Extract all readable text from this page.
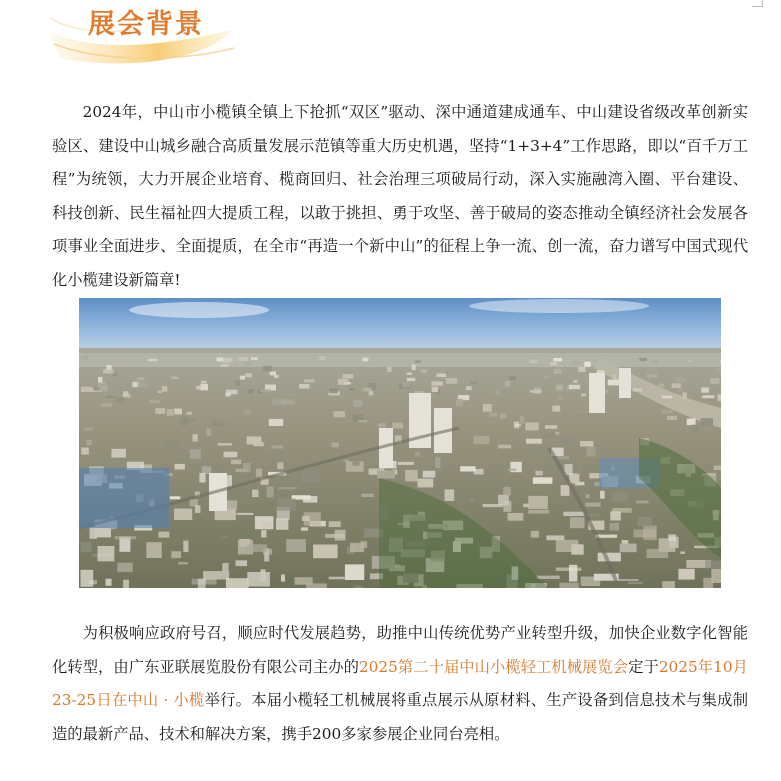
展会背景

2024年，中山市小榄镇全镇上下抢抓“双区”驱动、深中通道建成通车、中山建设省级改革创新实验区、建设中山城乡融合高质量发展示范镇等重大历史机遇，坚持“1+3+4”工作思路，即以“百千万工程”为统领，大力开展企业培育、榄商回归、社会治理三项破局行动，深入实施融湾入圈、平台建设、科技创新、民生福祉四大提质工程，以敢于挑担、勇于攻坚、善于破局的姿态推动全镇经济社会发展各项事业全面进步、全面提质，在全市“再造一个新中山”的征程上争一流、创一流，奋力谱写中国式现代化小榄建设新篇章!

为积极响应政府号召，顺应时代发展趋势，助推中山传统优势产业转型升级，加快企业数字化智能化转型，由广东亚联展览股份有限公司主办的2025第二十届中山小榄轻工机械展览会定于2025年10月23-25日在中山 · 小榄举行。本届小榄轻工机械展将重点展示从原材料、生产设备到信息技术与集成制造的最新产品、技术和解决方案，携手200多家参展企业同台亮相。
